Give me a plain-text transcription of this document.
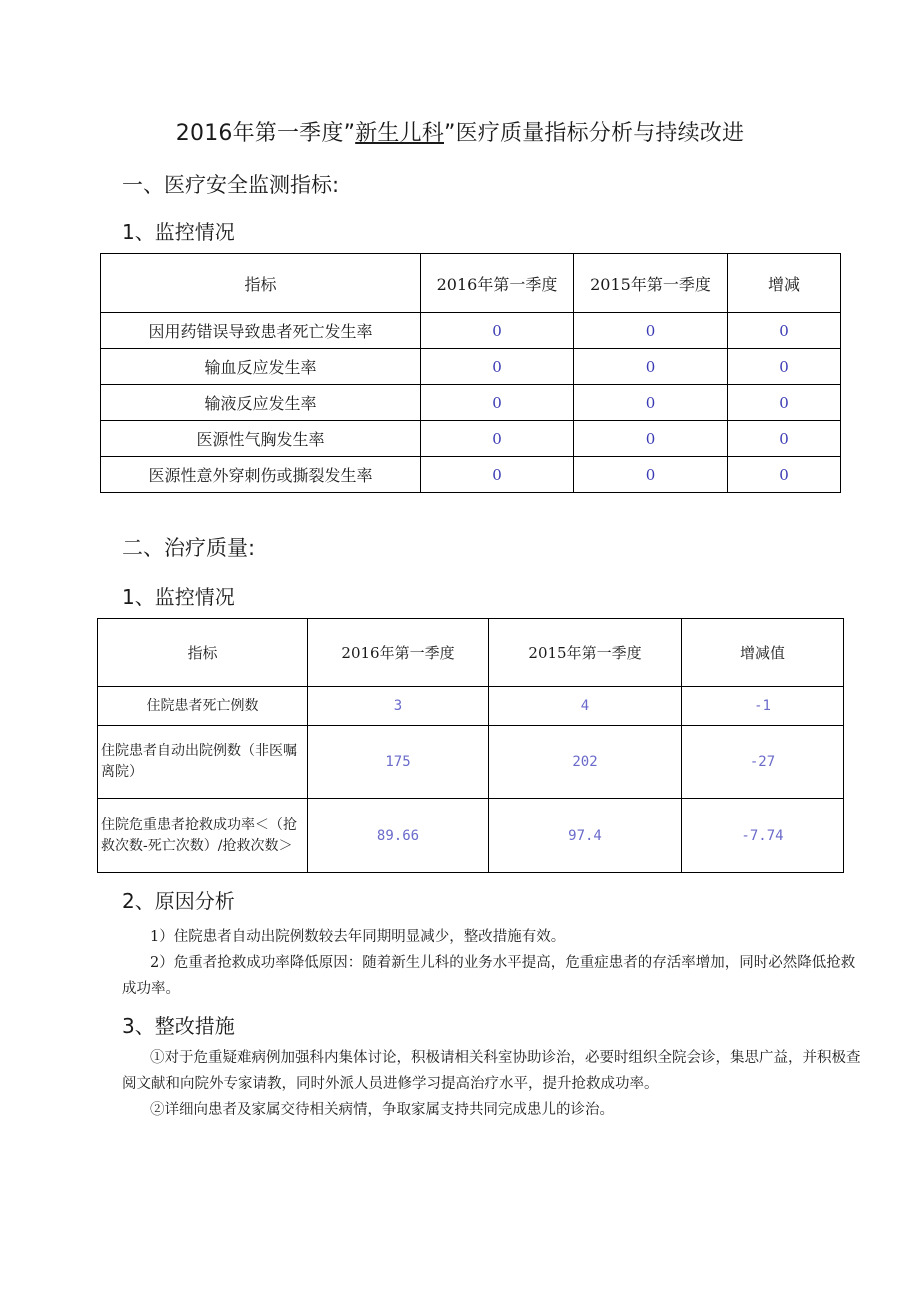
2016年第一季度”新生儿科”医疗质量指标分析与持续改进
一、医疗安全监测指标:
1、监控情况
指标	2016年第一季度	2015年第一季度	增减
因用药错误导致患者死亡发生率	0	0	0
输血反应发生率	0	0	0
输液反应发生率	0	0	0
医源性气胸发生率	0	0	0
医源性意外穿刺伤或撕裂发生率	0	0	0
二、治疗质量:
1、监控情况
指标	2016年第一季度	2015年第一季度	增减值
住院患者死亡例数	3	4	-1
住院患者自动出院例数（非医嘱离院）	175	202	-27
住院危重患者抢救成功率＜（抢救次数-死亡次数）/抢救次数＞	89.66	97.4	-7.74
2、原因分析
1）住院患者自动出院例数较去年同期明显减少，整改措施有效。
2）危重者抢救成功率降低原因：随着新生儿科的业务水平提高，危重症患者的存活率增加，同时必然降低抢救成功率。
3、整改措施
①对于危重疑难病例加强科内集体讨论，积极请相关科室协助诊治，必要时组织全院会诊，集思广益，并积极查阅文献和向院外专家请教，同时外派人员进修学习提高治疗水平，提升抢救成功率。
②详细向患者及家属交待相关病情，争取家属支持共同完成患儿的诊治。
